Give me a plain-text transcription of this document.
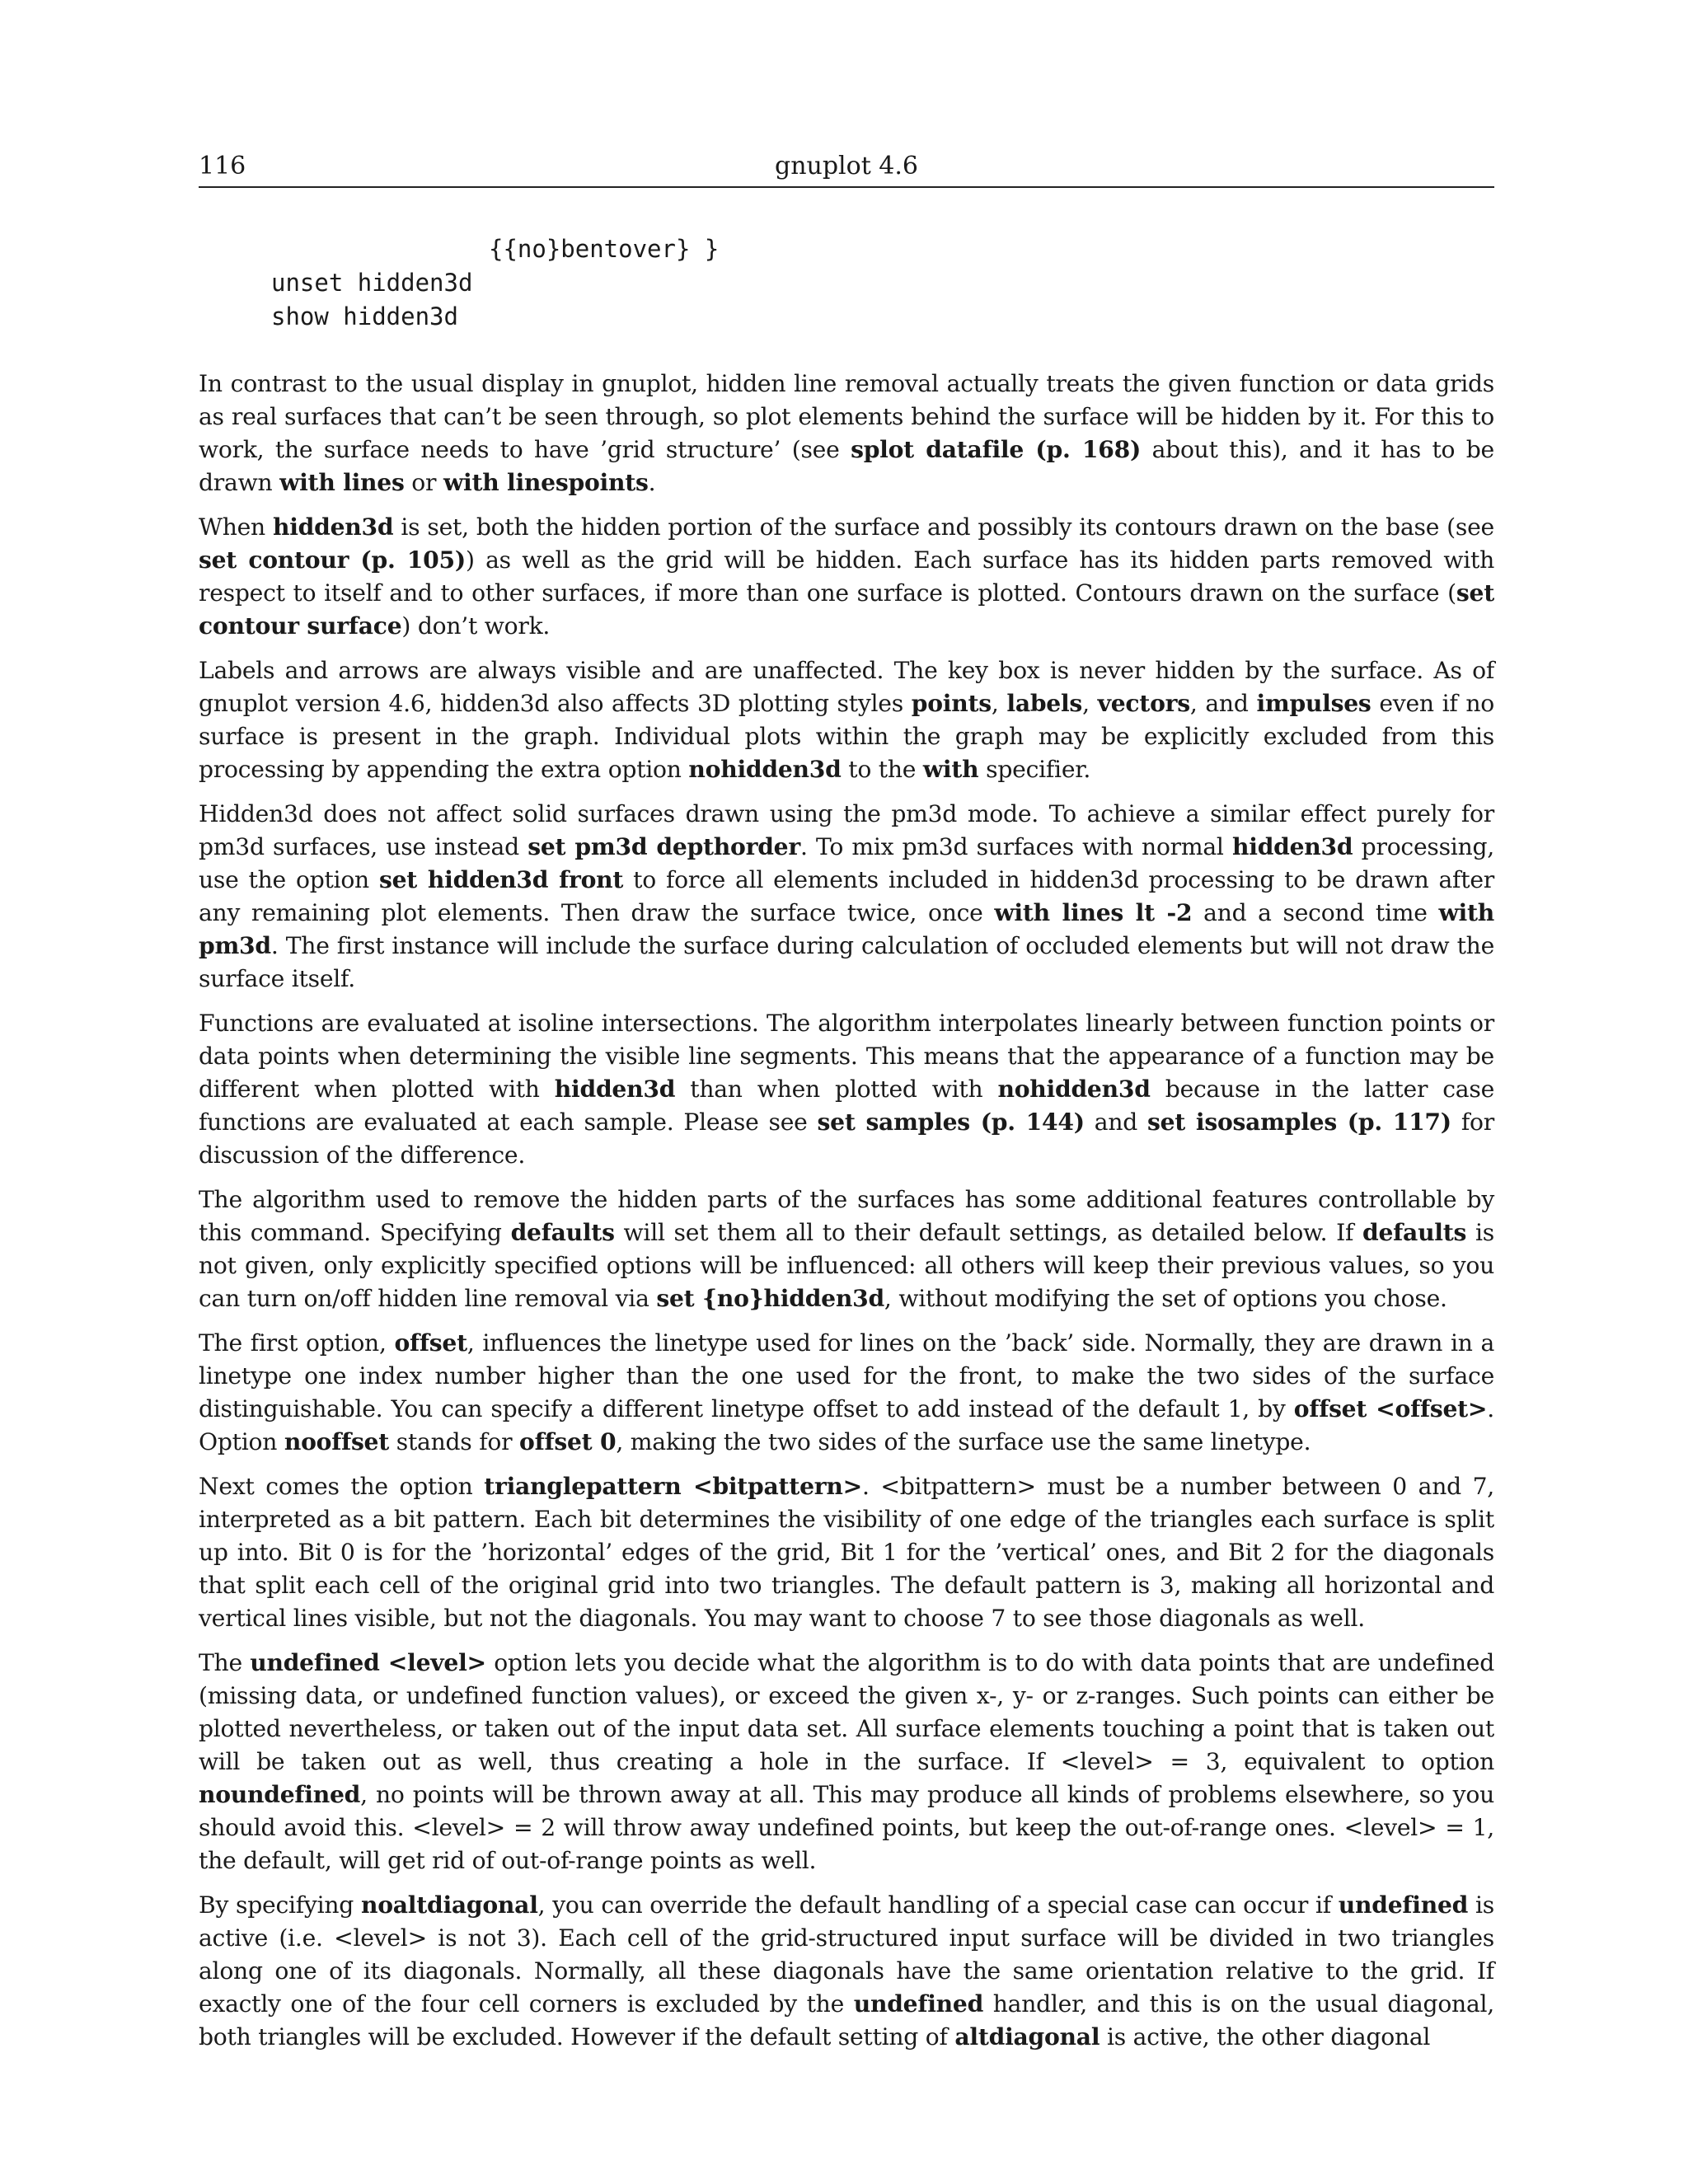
116	gnuplot 4.6
{{no}bentover} }
unset hidden3d
show hidden3d

In contrast to the usual display in gnuplot, hidden line removal actually treats the given function or data grids as real surfaces that can’t be seen through, so plot elements behind the surface will be hidden by it. For this to work, the surface needs to have ’grid structure’ (see splot datafile (p. 168) about this), and it has to be drawn with lines or with linespoints.

When hidden3d is set, both the hidden portion of the surface and possibly its contours drawn on the base (see set contour (p. 105)) as well as the grid will be hidden. Each surface has its hidden parts removed with respect to itself and to other surfaces, if more than one surface is plotted. Contours drawn on the surface (set contour surface) don’t work.

Labels and arrows are always visible and are unaffected. The key box is never hidden by the surface. As of gnuplot version 4.6, hidden3d also affects 3D plotting styles points, labels, vectors, and impulses even if no surface is present in the graph. Individual plots within the graph may be explicitly excluded from this processing by appending the extra option nohidden3d to the with specifier.

Hidden3d does not affect solid surfaces drawn using the pm3d mode. To achieve a similar effect purely for pm3d surfaces, use instead set pm3d depthorder. To mix pm3d surfaces with normal hidden3d processing, use the option set hidden3d front to force all elements included in hidden3d processing to be drawn after any remaining plot elements. Then draw the surface twice, once with lines lt -2 and a second time with pm3d. The first instance will include the surface during calculation of occluded elements but will not draw the surface itself.

Functions are evaluated at isoline intersections. The algorithm interpolates linearly between function points or data points when determining the visible line segments. This means that the appearance of a function may be different when plotted with hidden3d than when plotted with nohidden3d because in the latter case functions are evaluated at each sample. Please see set samples (p. 144) and set isosamples (p. 117) for discussion of the difference.

The algorithm used to remove the hidden parts of the surfaces has some additional features controllable by this command. Specifying defaults will set them all to their default settings, as detailed below. If defaults is not given, only explicitly specified options will be influenced: all others will keep their previous values, so you can turn on/off hidden line removal via set {no}hidden3d, without modifying the set of options you chose.

The first option, offset, influences the linetype used for lines on the ’back’ side. Normally, they are drawn in a linetype one index number higher than the one used for the front, to make the two sides of the surface distinguishable. You can specify a different linetype offset to add instead of the default 1, by offset <offset>. Option nooffset stands for offset 0, making the two sides of the surface use the same linetype.

Next comes the option trianglepattern <bitpattern>. <bitpattern> must be a number between 0 and 7, interpreted as a bit pattern. Each bit determines the visibility of one edge of the triangles each surface is split up into. Bit 0 is for the ’horizontal’ edges of the grid, Bit 1 for the ’vertical’ ones, and Bit 2 for the diagonals that split each cell of the original grid into two triangles. The default pattern is 3, making all horizontal and vertical lines visible, but not the diagonals. You may want to choose 7 to see those diagonals as well.

The undefined <level> option lets you decide what the algorithm is to do with data points that are undefined (missing data, or undefined function values), or exceed the given x-, y- or z-ranges. Such points can either be plotted nevertheless, or taken out of the input data set. All surface elements touching a point that is taken out will be taken out as well, thus creating a hole in the surface. If <level> = 3, equivalent to option noundefined, no points will be thrown away at all. This may produce all kinds of problems elsewhere, so you should avoid this. <level> = 2 will throw away undefined points, but keep the out-of-range ones. <level> = 1, the default, will get rid of out-of-range points as well.

By specifying noaltdiagonal, you can override the default handling of a special case can occur if undefined is active (i.e. <level> is not 3). Each cell of the grid-structured input surface will be divided in two triangles along one of its diagonals. Normally, all these diagonals have the same orientation relative to the grid. If exactly one of the four cell corners is excluded by the undefined handler, and this is on the usual diagonal, both triangles will be excluded. However if the default setting of altdiagonal is active, the other diagonal
